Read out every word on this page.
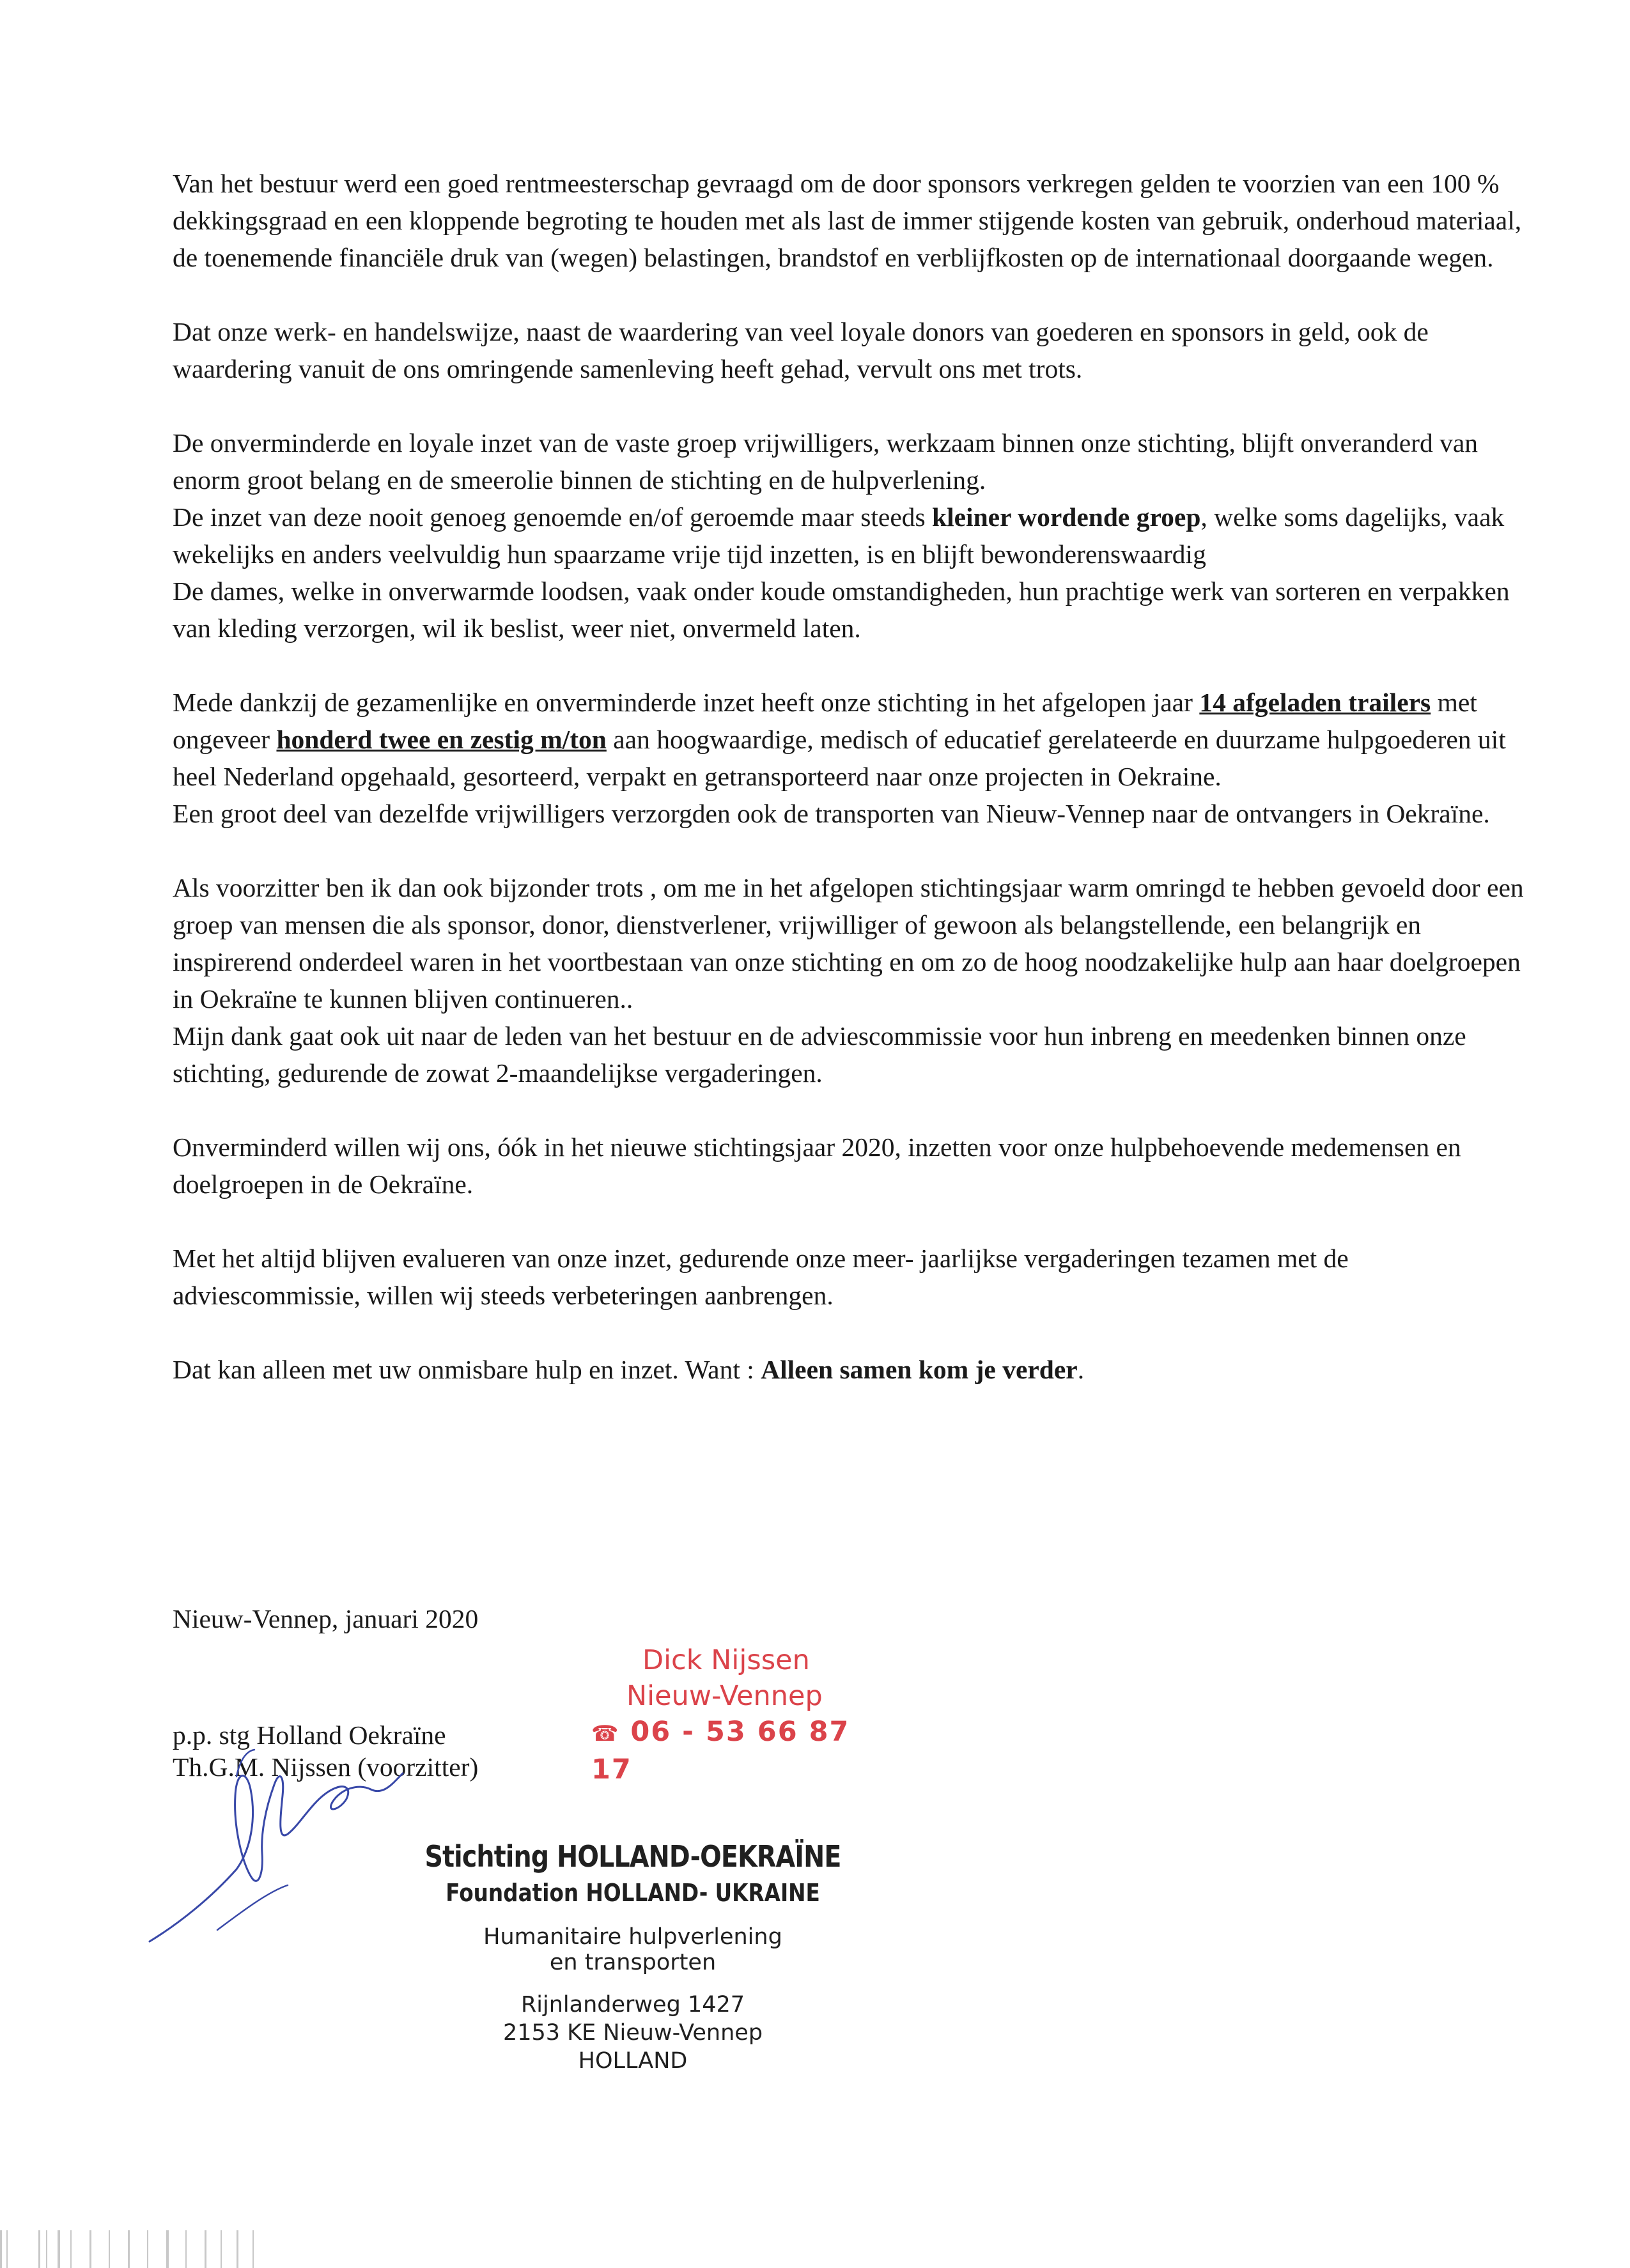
Van het bestuur werd een goed rentmeesterschap gevraagd om de door sponsors verkregen gelden te voorzien van een 100 % dekkingsgraad en een kloppende begroting te houden met als last de immer stijgende kosten van gebruik, onderhoud materiaal, de toenemende financiële druk van (wegen) belastingen, brandstof en verblijfkosten op de internationaal doorgaande wegen.

Dat onze werk- en handelswijze, naast de waardering van veel loyale donors van goederen en sponsors in geld, ook de waardering vanuit de ons omringende samenleving heeft gehad, vervult ons met trots.

De onverminderde en loyale inzet van de vaste groep vrijwilligers, werkzaam binnen onze stichting, blijft onveranderd van enorm groot belang en de smeerolie binnen de stichting en de hulpverlening.
De inzet van deze nooit genoeg genoemde en/of geroemde maar steeds kleiner wordende groep, welke soms dagelijks, vaak wekelijks en anders veelvuldig hun spaarzame vrije tijd inzetten, is en blijft bewonderenswaardig
De dames, welke in onverwarmde loodsen, vaak onder koude omstandigheden, hun prachtige werk van sorteren en verpakken van kleding verzorgen, wil ik beslist, weer niet, onvermeld laten.

Mede dankzij de gezamenlijke en onverminderde inzet heeft onze stichting in het afgelopen jaar 14 afgeladen trailers met ongeveer honderd twee en zestig m/ton aan hoogwaardige, medisch of educatief gerelateerde en duurzame hulpgoederen uit heel Nederland opgehaald, gesorteerd, verpakt en getransporteerd naar onze projecten in Oekraine.
Een groot deel van dezelfde vrijwilligers verzorgden ook de transporten van Nieuw-Vennep naar de ontvangers in Oekraïne.

Als voorzitter ben ik dan ook bijzonder trots , om me in het afgelopen stichtingsjaar warm omringd te hebben gevoeld door een groep van mensen die als sponsor, donor, dienstverlener, vrijwilliger of gewoon als belangstellende, een belangrijk en inspirerend onderdeel waren in het voortbestaan van onze stichting en om zo de hoog noodzakelijke hulp aan haar doelgroepen in Oekraïne te kunnen blijven continueren..
Mijn dank gaat ook uit naar de leden van het bestuur en de adviescommissie voor hun inbreng en meedenken binnen onze stichting, gedurende de zowat 2-maandelijkse vergaderingen.

Onverminderd willen wij ons, óók in het nieuwe stichtingsjaar 2020, inzetten voor onze hulpbehoevende medemensen en doelgroepen in de Oekraïne.

Met het altijd blijven evalueren van onze inzet, gedurende onze meer- jaarlijkse vergaderingen tezamen met de adviescommissie, willen wij steeds verbeteringen aanbrengen.

Dat kan alleen met uw onmisbare hulp en inzet. Want : Alleen samen kom je verder.

Nieuw-Vennep, januari 2020
p.p. stg Holland Oekraïne
Th.G.M. Nijssen (voorzitter)
Dick Nijssen
Nieuw-Vennep
☎ 06 - 53 66 87 17
Stichting HOLLAND-OEKRAÏNE
Foundation HOLLAND- UKRAINE
Humanitaire hulpverlening
en transporten
Rijnlanderweg 1427
2153 KE Nieuw-Vennep
HOLLAND
